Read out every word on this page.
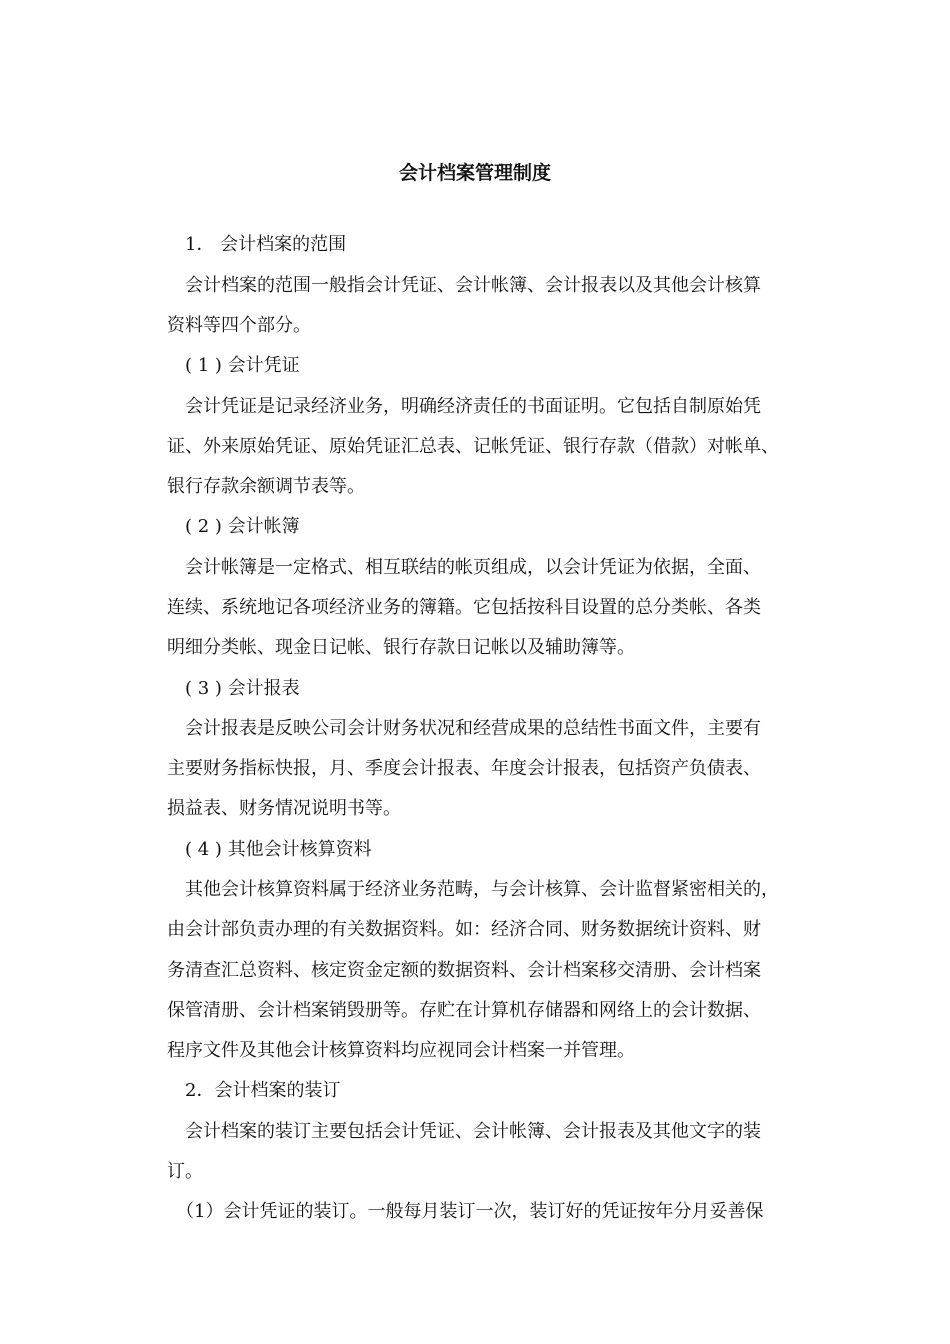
会计档案管理制度
　1． 会计档案的范围
　会计档案的范围一般指会计凭证、会计帐簿、会计报表以及其他会计核算
资料等四个部分。
　( 1 ) 会计凭证
　会计凭证是记录经济业务，明确经济责任的书面证明。它包括自制原始凭
证、外来原始凭证、原始凭证汇总表、记帐凭证、银行存款（借款）对帐单、
银行存款余额调节表等。
　( 2 ) 会计帐簿
　会计帐簿是一定格式、相互联结的帐页组成，以会计凭证为依据，全面、
连续、系统地记各项经济业务的簿籍。它包括按科目设置的总分类帐、各类
明细分类帐、现金日记帐、银行存款日记帐以及辅助簿等。
　( 3 ) 会计报表
　会计报表是反映公司会计财务状况和经营成果的总结性书面文件，主要有
主要财务指标快报，月、季度会计报表、年度会计报表，包括资产负债表、
损益表、财务情况说明书等。
　( 4 ) 其他会计核算资料
　其他会计核算资料属于经济业务范畴，与会计核算、会计监督紧密相关的，
由会计部负责办理的有关数据资料。如：经济合同、财务数据统计资料、财
务清查汇总资料、核定资金定额的数据资料、会计档案移交清册、会计档案
保管清册、会计档案销毁册等。存贮在计算机存储器和网络上的会计数据、
程序文件及其他会计核算资料均应视同会计档案一并管理。
　2．会计档案的装订
　会计档案的装订主要包括会计凭证、会计帐簿、会计报表及其他文字的装
订。
　（1）会计凭证的装订。一般每月装订一次，装订好的凭证按年分月妥善保
